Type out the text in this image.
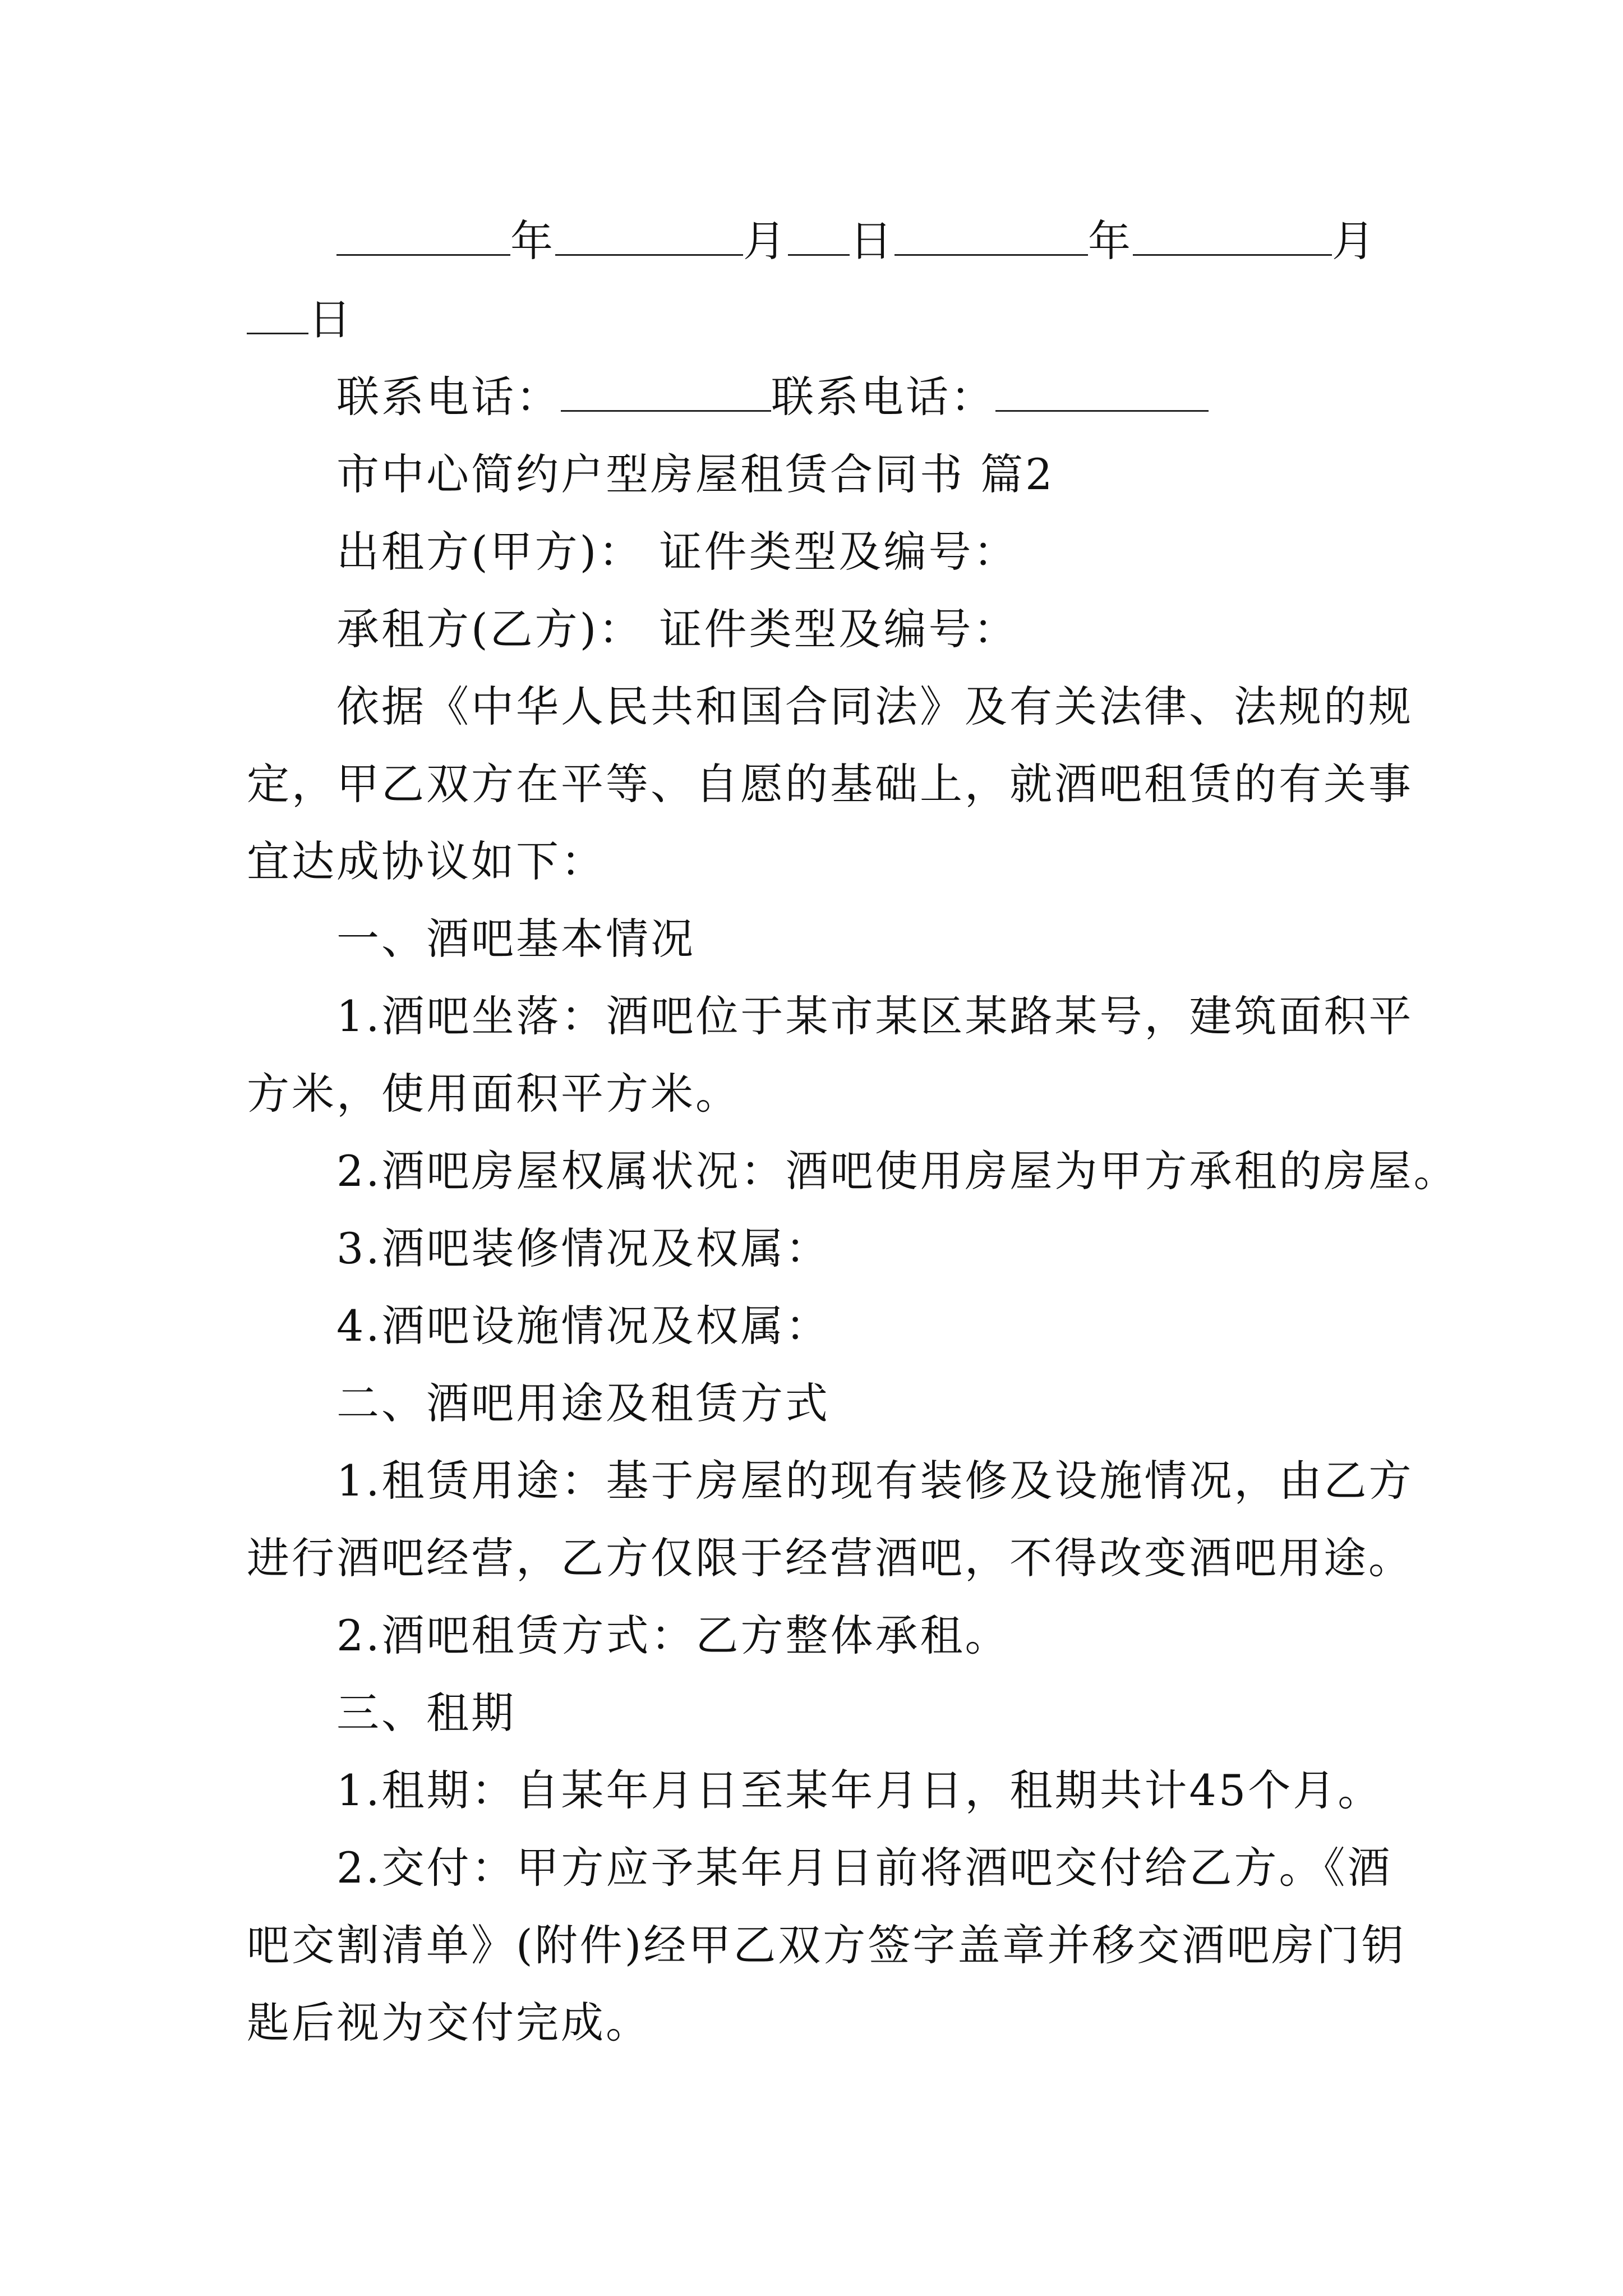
年	月 日	年	月
日
联系电话：	联系电话：
市中心简约户型房屋租赁合同书 篇2
出租方(甲方)： 证件类型及编号：
承租方(乙方)： 证件类型及编号：
依据《中华人民共和国合同法》及有关法律、法规的规
定，甲乙双方在平等、自愿的基础上，就酒吧租赁的有关事
宜达成协议如下：
一、酒吧基本情况
1.酒吧坐落：酒吧位于某市某区某路某号，建筑面积平
方米，使用面积平方米。
2.酒吧房屋权属状况：酒吧使用房屋为甲方承租的房屋。
3.酒吧装修情况及权属：
4.酒吧设施情况及权属：
二、酒吧用途及租赁方式
1.租赁用途：基于房屋的现有装修及设施情况，由乙方
进行酒吧经营，乙方仅限于经营酒吧，不得改变酒吧用途。
2.酒吧租赁方式：乙方整体承租。
三、租期
1.租期：自某年月日至某年月日，租期共计45个月。
2.交付：甲方应予某年月日前将酒吧交付给乙方。《酒
吧交割清单》(附件)经甲乙双方签字盖章并移交酒吧房门钥
匙后视为交付完成。
